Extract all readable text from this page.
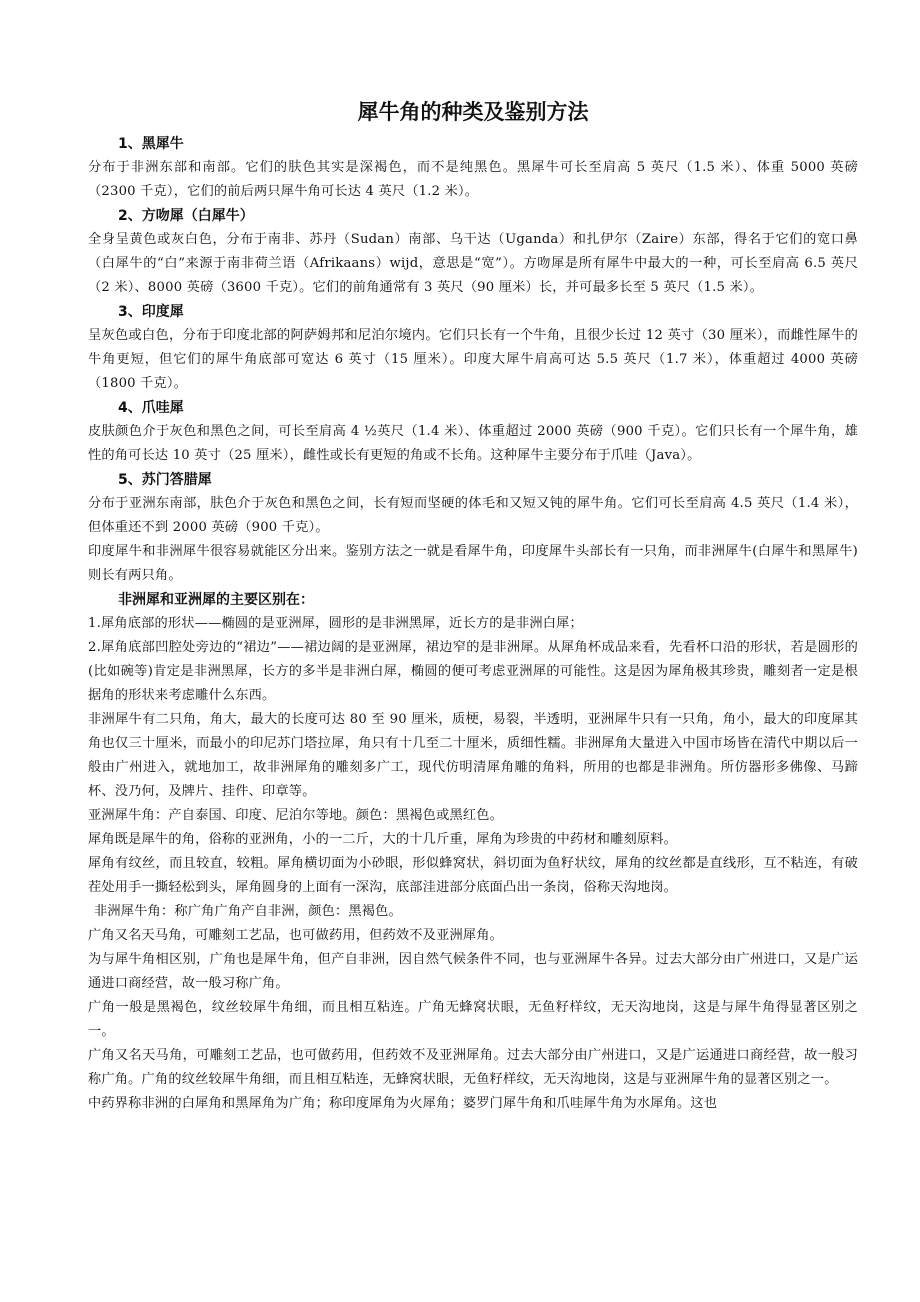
犀牛角的种类及鉴别方法
1、黑犀牛

分布于非洲东部和南部。它们的肤色其实是深褐色，而不是纯黑色。黑犀牛可长至肩高 5 英尺（1.5 米）、体重 5000 英磅（2300 千克），它们的前后两只犀牛角可长达 4 英尺（1.2 米）。

2、方吻犀（白犀牛）

全身呈黄色或灰白色，分布于南非、苏丹（Sudan）南部、乌干达（Uganda）和扎伊尔（Zaire）东部，得名于它们的宽口鼻（白犀牛的“白”来源于南非荷兰语（Afrikaans）wijd，意思是“宽”）。方吻犀是所有犀牛中最大的一种，可长至肩高 6.5 英尺（2 米）、8000 英磅（3600 千克）。它们的前角通常有 3 英尺（90 厘米）长，并可最多长至 5 英尺（1.5 米）。

3、印度犀

呈灰色或白色，分布于印度北部的阿萨姆邦和尼泊尔境内。它们只长有一个牛角，且很少长过 12 英寸（30 厘米），而雌性犀牛的牛角更短，但它们的犀牛角底部可宽达 6 英寸（15 厘米）。印度大犀牛肩高可达 5.5 英尺（1.7 米），体重超过 4000 英磅（1800 千克）。

4、爪哇犀

皮肤颜色介于灰色和黑色之间，可长至肩高 4 ½英尺（1.4 米）、体重超过 2000 英磅（900 千克）。它们只长有一个犀牛角，雄性的角可长达 10 英寸（25 厘米），雌性或长有更短的角或不长角。这种犀牛主要分布于爪哇（Java）。

5、苏门答腊犀

分布于亚洲东南部，肤色介于灰色和黑色之间，长有短而坚硬的体毛和又短又钝的犀牛角。它们可长至肩高 4.5 英尺（1.4 米），但体重还不到 2000 英磅（900 千克）。

印度犀牛和非洲犀牛很容易就能区分出来。鉴别方法之一就是看犀牛角，印度犀牛头部长有一只角，而非洲犀牛(白犀牛和黑犀牛)则长有两只角。

非洲犀和亚洲犀的主要区别在：

1.犀角底部的形状——椭圆的是亚洲犀，圆形的是非洲黑犀，近长方的是非洲白犀；

2.犀角底部凹腔处旁边的“裙边”——裙边阔的是亚洲犀，裙边窄的是非洲犀。从犀角杯成品来看，先看杯口沿的形状，若是圆形的(比如碗等)肯定是非洲黑犀，长方的多半是非洲白犀，椭圆的便可考虑亚洲犀的可能性。这是因为犀角极其珍贵，雕刻者一定是根据角的形状来考虑雕什么东西。

非洲犀牛有二只角，角大，最大的长度可达 80 至 90 厘米，质梗，易裂，半透明，亚洲犀牛只有一只角，角小，最大的印度犀其角也仅三十厘米，而最小的印尼苏门塔拉犀，角只有十几至二十厘米，质细性糯。非洲犀角大量进入中国市场皆在清代中期以后一般由广州进入，就地加工，故非洲犀角的雕刻多广工，现代仿明清犀角雕的角料，所用的也都是非洲角。所仿器形多佛像、马蹄杯、没乃何，及牌片、挂件、印章等。

亚洲犀牛角：产自泰国、印度、尼泊尔等地。颜色：黑褐色或黑红色。

犀角既是犀牛的角，俗称的亚洲角，小的一二斤，大的十几斤重，犀角为珍贵的中药材和雕刻原料。

犀角有纹丝，而且较直，较粗。犀角横切面为小砂眼，形似蜂窝状，斜切面为鱼籽状纹，犀角的纹丝都是直线形，互不粘连，有破茬处用手一撕轻松到头，犀角圆身的上面有一深沟，底部洼进部分底面凸出一条岗，俗称天沟地岗。

非洲犀牛角：称广角广角产自非洲，颜色：黑褐色。

广角又名天马角，可雕刻工艺品，也可做药用，但药效不及亚洲犀角。

为与犀牛角相区别，广角也是犀牛角，但产自非洲，因自然气候条件不同，也与亚洲犀牛各异。过去大部分由广州进口，又是广运通进口商经营，故一般习称广角。

广角一般是黑褐色，纹丝较犀牛角细，而且相互粘连。广角无蜂窝状眼，无鱼籽样纹，无天沟地岗，这是与犀牛角得显著区别之一。

广角又名天马角，可雕刻工艺品，也可做药用，但药效不及亚洲犀角。过去大部分由广州进口，又是广运通进口商经营，故一般习称广角。广角的纹丝较犀牛角细，而且相互粘连，无蜂窝状眼，无鱼籽样纹，无天沟地岗，这是与亚洲犀牛角的显著区别之一。

中药界称非洲的白犀角和黑犀角为广角；称印度犀角为火犀角；婆罗门犀牛角和爪哇犀牛角为水犀角。这也
